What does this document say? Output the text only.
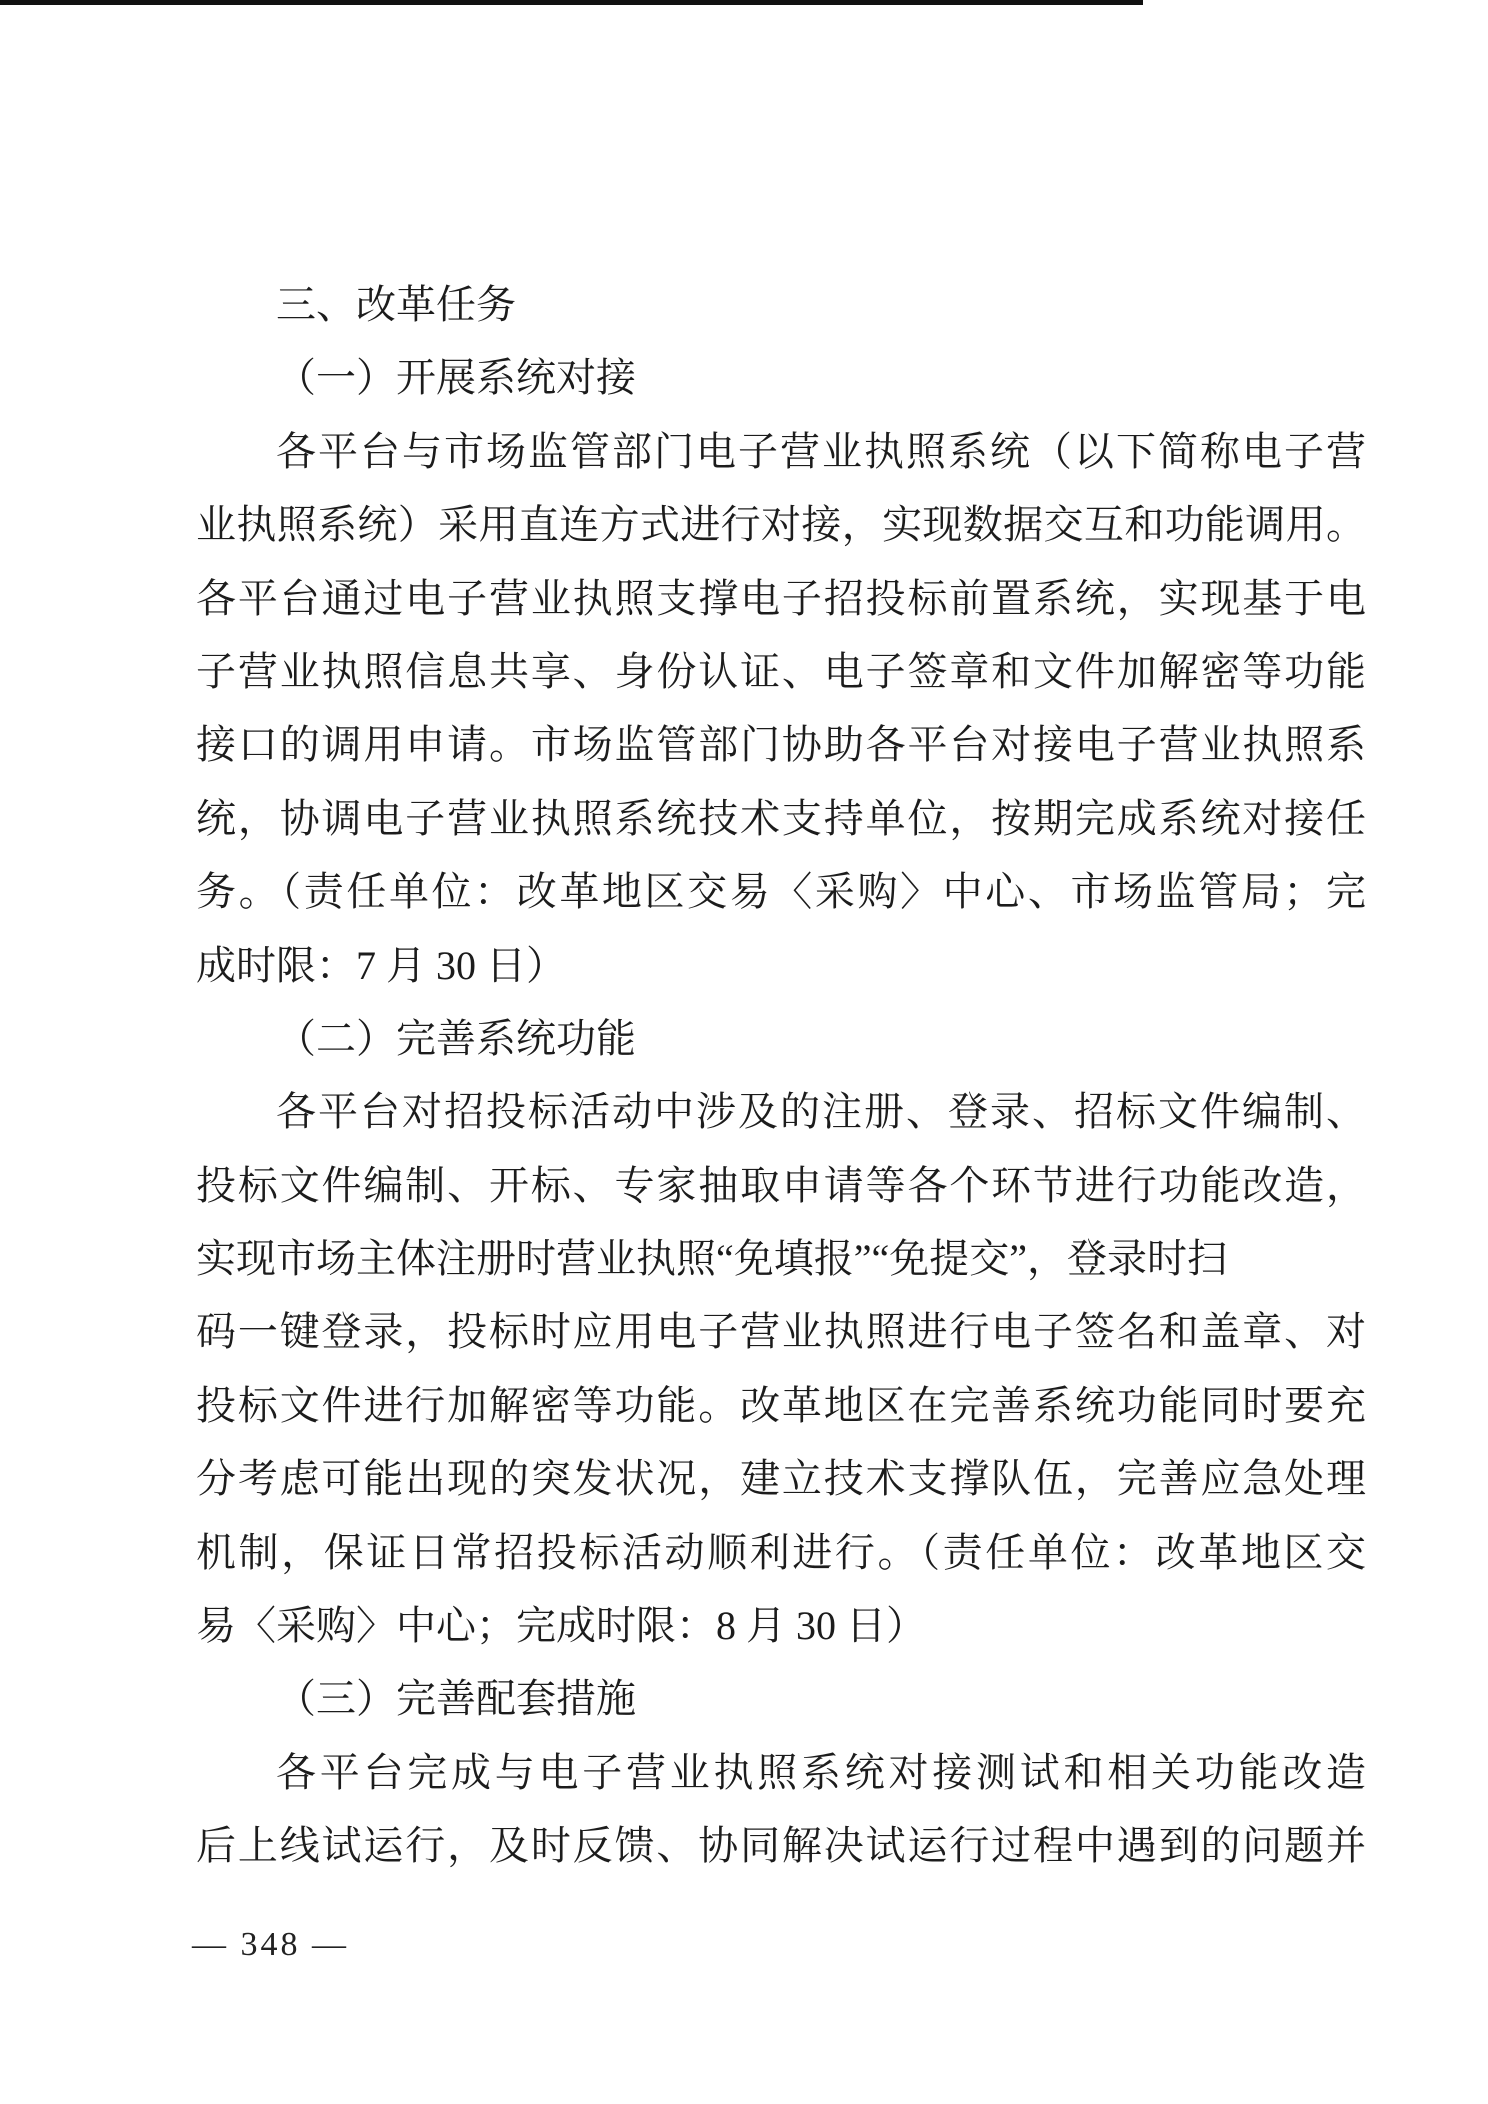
三、改革任务
（一）开展系统对接
各平台与市场监管部门电子营业执照系统（以下简称电子营
业执照系统）采用直连方式进行对接，实现数据交互和功能调用。
各平台通过电子营业执照支撑电子招投标前置系统，实现基于电
子营业执照信息共享、身份认证、电子签章和文件加解密等功能
接口的调用申请。市场监管部门协助各平台对接电子营业执照系
统，协调电子营业执照系统技术支持单位，按期完成系统对接任
务。（责任单位：改革地区交易〈采购〉中心、市场监管局；完
成时限：7 月 30 日）
（二）完善系统功能
各平台对招投标活动中涉及的注册、登录、招标文件编制、
投标文件编制、开标、专家抽取申请等各个环节进行功能改造，
实现市场主体注册时营业执照“免填报”“免提交”，登录时扫
码一键登录，投标时应用电子营业执照进行电子签名和盖章、对
投标文件进行加解密等功能。改革地区在完善系统功能同时要充
分考虑可能出现的突发状况，建立技术支撑队伍，完善应急处理
机制，保证日常招投标活动顺利进行。（责任单位：改革地区交
易〈采购〉中心；完成时限：8 月 30 日）
（三）完善配套措施
各平台完成与电子营业执照系统对接测试和相关功能改造
后上线试运行，及时反馈、协同解决试运行过程中遇到的问题并
— 348 —
